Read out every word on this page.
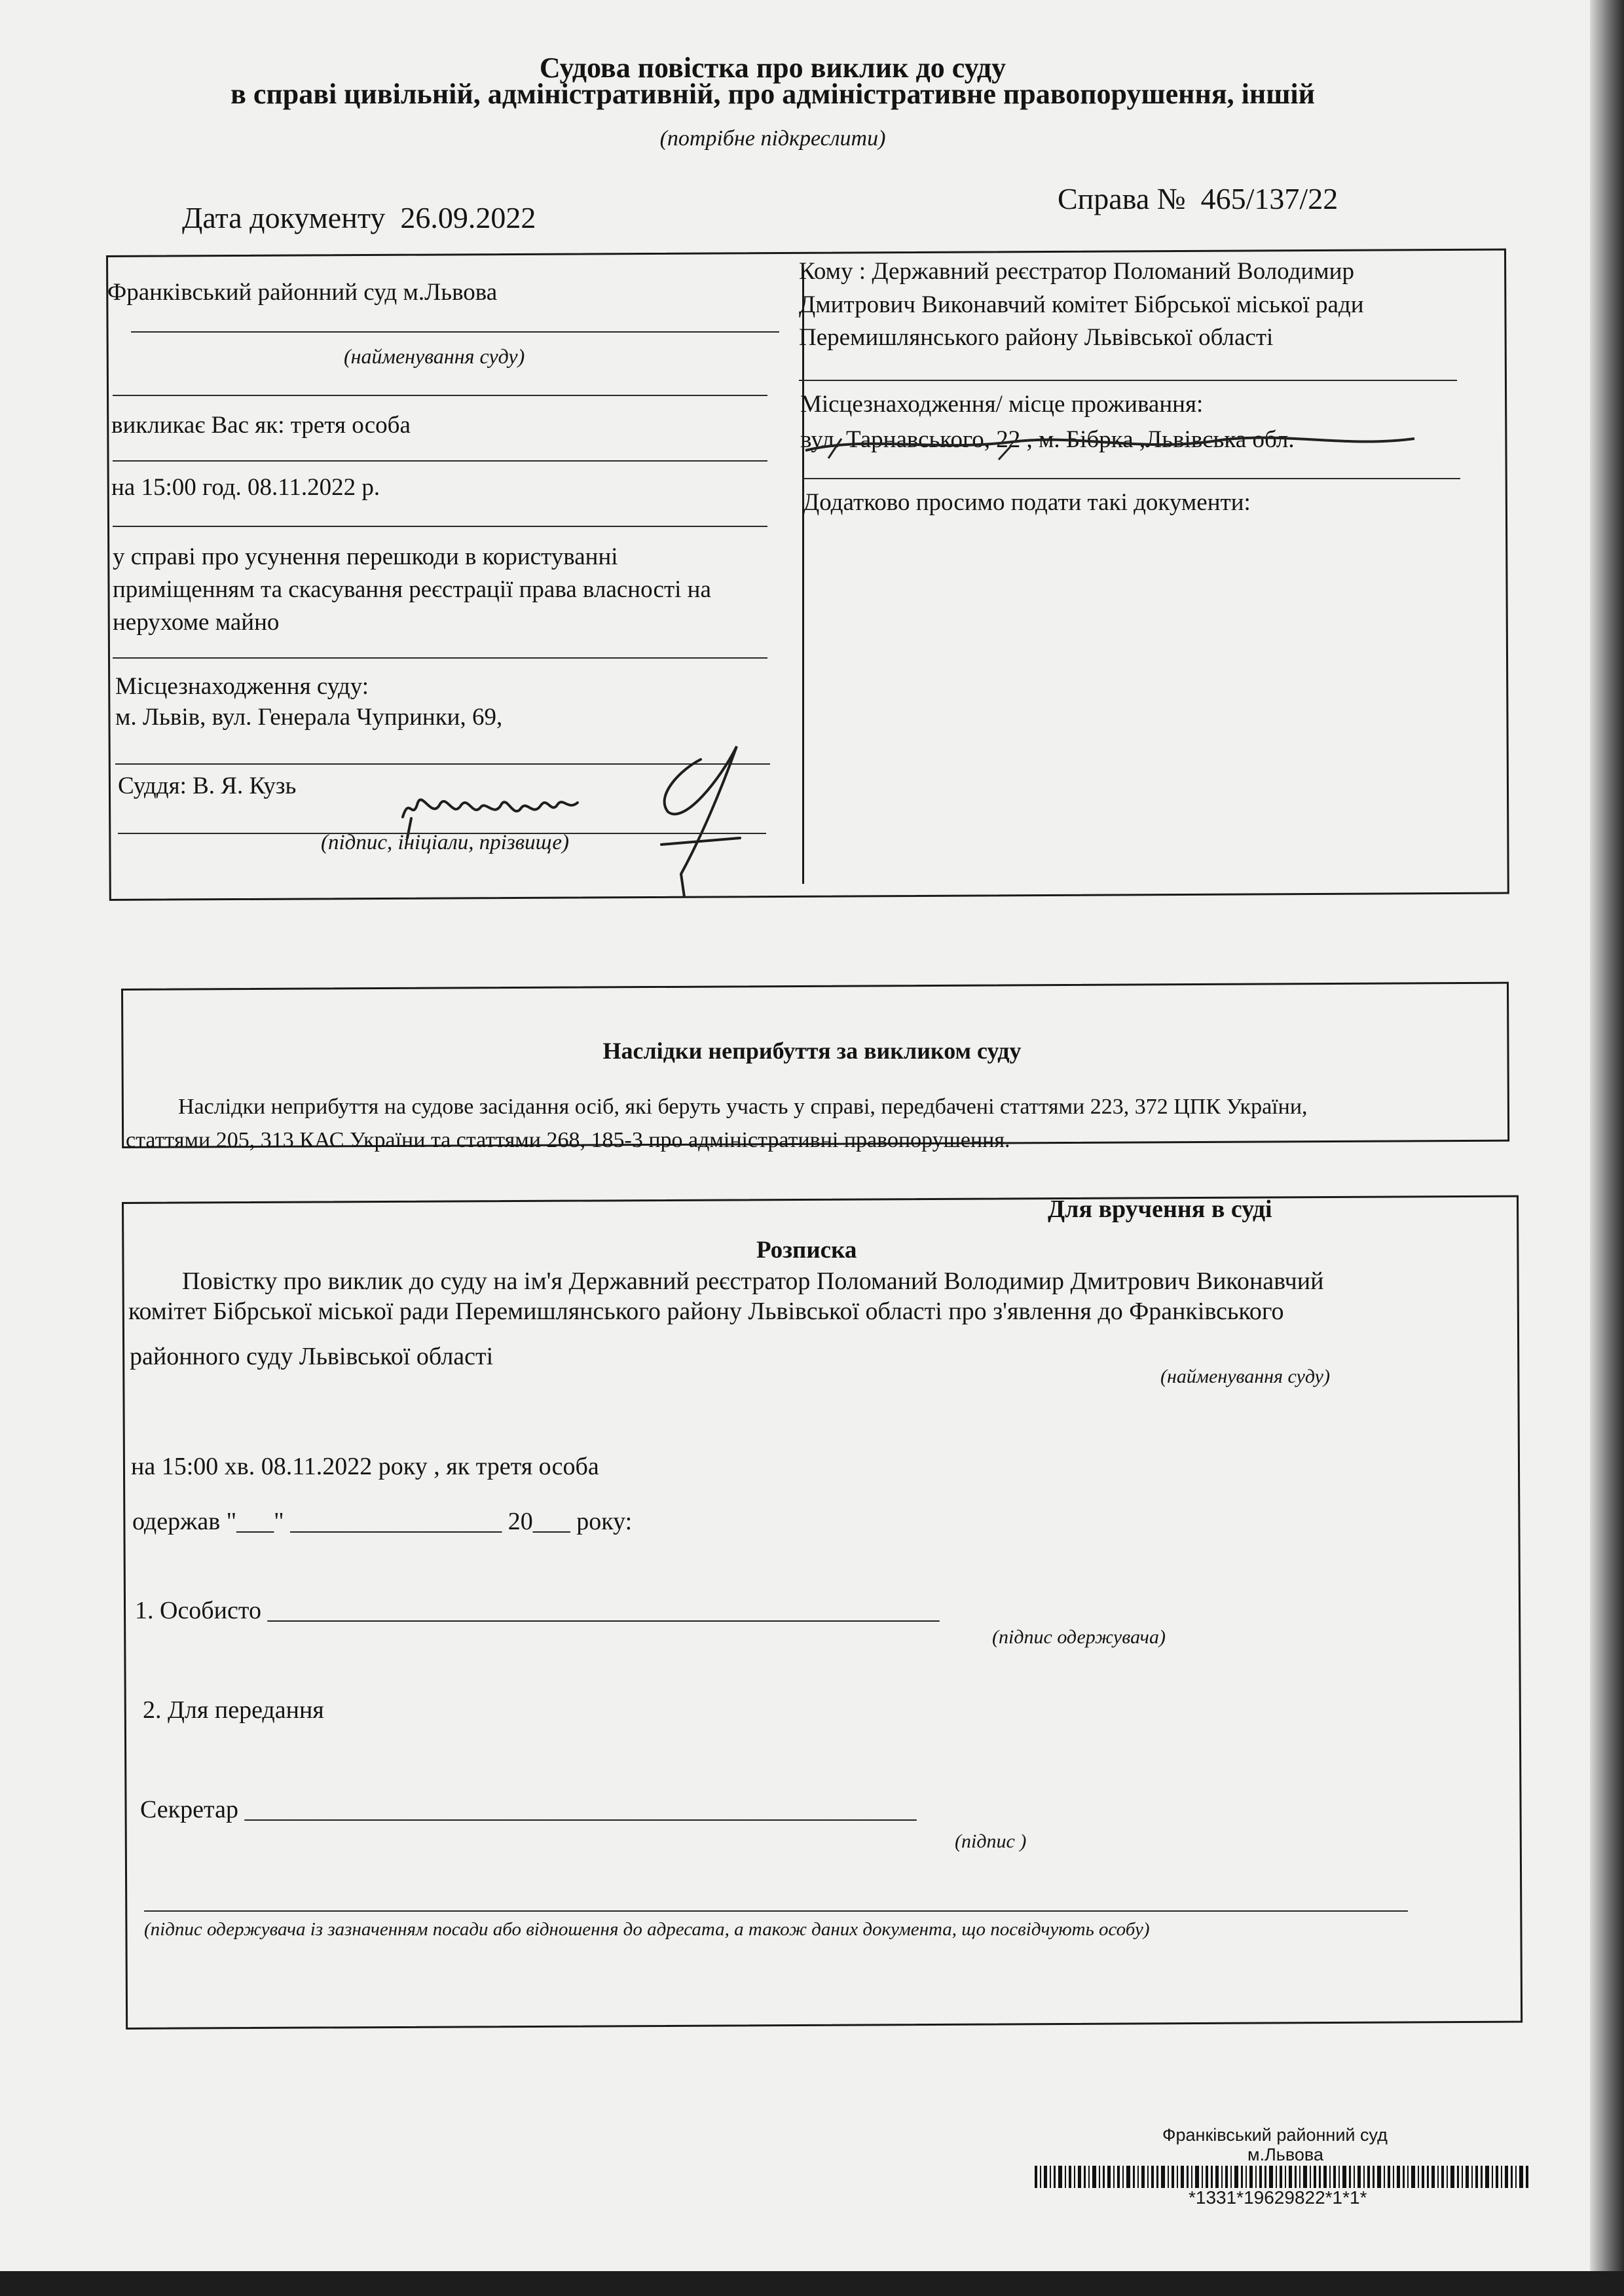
Судова повістка про виклик до суду
в справі цивільній, адміністративній, про адміністративне правопорушення, іншій
(потрібне підкреслити)
Дата документу 26.09.2022
Справа № 465/137/22
Франківський районний суд м.Львова
(найменування суду)
викликає Вас як: третя особа
на 15:00 год. 08.11.2022 р.
у справі про усунення перешкоди в користуванні
приміщенням та скасування реєстрації права власності на
нерухоме майно
Місцезнаходження суду:
м. Львів, вул. Генерала Чупринки, 69,
Суддя: В. Я. Кузь
(підпис, ініціали, прізвище)
Кому : Державний реєстратор Поломаний Володимир
Дмитрович Виконавчий комітет Бібрської міської ради
Перемишлянського району Львівської області
Місцезнаходження/ місце проживання:
вул. Тарнавського, 22 , м. Бібрка ,Львівська обл.
Додатково просимо подати такі документи:
Наслідки неприбуття за викликом суду
Наслідки неприбуття на судове засідання осіб, які беруть участь у справі, передбачені статтями 223, 372 ЦПК України,
статтями 205, 313 КАС України та статтями 268, 185-3 про адміністративні правопорушення.
Для вручення в суді
Розписка
Повістку про виклик до суду на ім'я Державний реєстратор Поломаний Володимир Дмитрович Виконавчий
комітет Бібрської міської ради Перемишлянського району Львівської області про з'явлення до Франківського
районного суду Львівської області
(найменування суду)
на 15:00 хв. 08.11.2022 року , як третя особа
одержав "___" _________________ 20___ року:
1. Особисто ______________________________________________________
(підпис одержувача)
2. Для передання
Секретар ______________________________________________________
(підпис )
(підпис одержувача із зазначенням посади або відношення до адресата, а також даних документа, що посвідчують особу)
Франківський районний суд
м.Львова
*1331*19629822*1*1*
